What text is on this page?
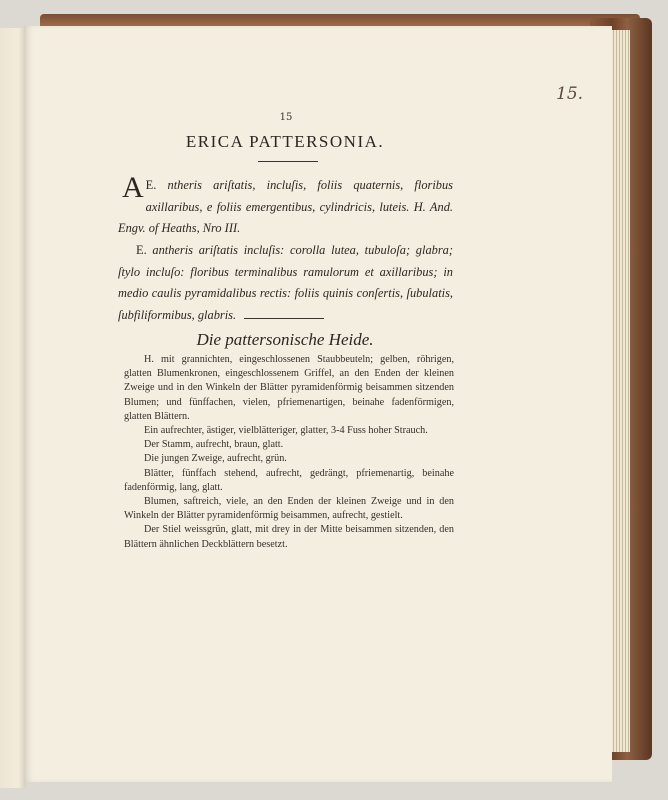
15.
15
ERICA PATTERSONIA.
E.
A ntheris ariſtatis, incluſis, foliis quaternis, floribus axillaribus, e foliis emergentibus, cylindricis, luteis. H. And. Engv. of Heaths, Nro III.
E. antheris ariſtatis incluſis: corolla lutea, tubuloſa; glabra; ſtylo incluſo: floribus terminalibus ramulorum et axillaribus; in medio caulis pyramidalibus rectis: foliis quinis conſertis, ſubulatis, ſubfiliformibus, glabris.
Die pattersonische Heide.

H. mit grannichten, eingeschlossenen Staubbeuteln; gelben, röhrigen, glatten Blumenkronen, eingeschlossenem Griffel, an den Enden der kleinen Zweige und in den Winkeln der Blätter pyramidenförmig beisammen sitzenden Blumen; und fünffachen, vielen, pfriemenartigen, beinahe fadenförmigen, glatten Blättern.

Ein aufrechter, ästiger, vielblätteriger, glatter, 3-4 Fuss hoher Strauch.

Der Stamm, aufrecht, braun, glatt.

Die jungen Zweige, aufrecht, grün.

Blätter, fünffach stehend, aufrecht, gedrängt, pfriemenartig, beinahe fadenförmig, lang, glatt.

Blumen, saftreich, viele, an den Enden der kleinen Zweige und in den Winkeln der Blätter pyramidenförmig beisammen, aufrecht, gestielt.

Der Stiel weissgrün, glatt, mit drey in der Mitte beisammen sitzenden, den Blättern ähnlichen Deckblättern besetzt.
